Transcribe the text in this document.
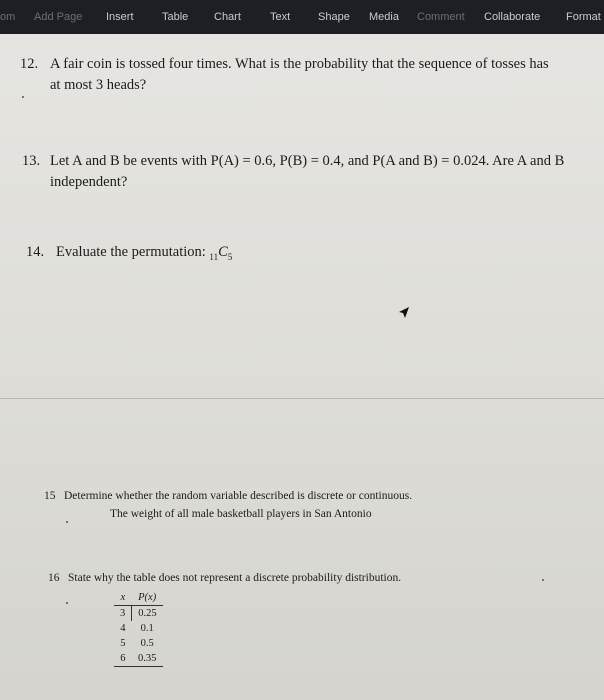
om Add Page Insert	Table Chart	Text	Shape Media Comment Collaborate Format
12. A fair coin is tossed four times. What is the probability that the sequence of tosses has
at most 3 heads?
13. Let A and B be events with P(A) = 0.6, P(B) = 0.4, and P(A and B) = 0.024. Are A and B
independent?
14. Evaluate the permutation: $_{11}C_5$
15 Determine whether the random variable described is discrete or continuous.
The weight of all male basketball players in San Antonio
16 State why the table does not represent a discrete probability distribution.
x	P(x)
3	0.25
4	0.1
5	0.5
6	0.35
